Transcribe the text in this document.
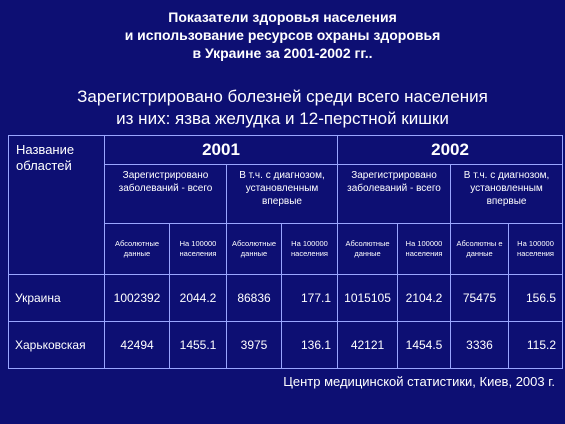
Показатели здоровья населения
и использование ресурсов охраны здоровья
в Украине за 2001-2002 гг..
Зарегистрировано болезней среди всего населения
из них: язва желудка и 12-перстной кишки
Название областей	2001				2002			
	Зарегистрировано заболеваний - всего		В т.ч. с диагнозом, установленным впервые		Зарегистрировано заболеваний - всего		В т.ч. с диагнозом, установленным впервые	
	Абсолютные данные	На 100000 населения	Абсолютные данные	На 100000 населения	Абсолютные данные	На 100000 населения	Абсолютны е данные	На 100000 населения
Украина	1002392	2044.2	86836	177.1	1015105	2104.2	75475	156.5
Харьковская	42494	1455.1	3975	136.1	42121	1454.5	3336	115.2
Центр медицинской статистики, Киев, 2003 г.
